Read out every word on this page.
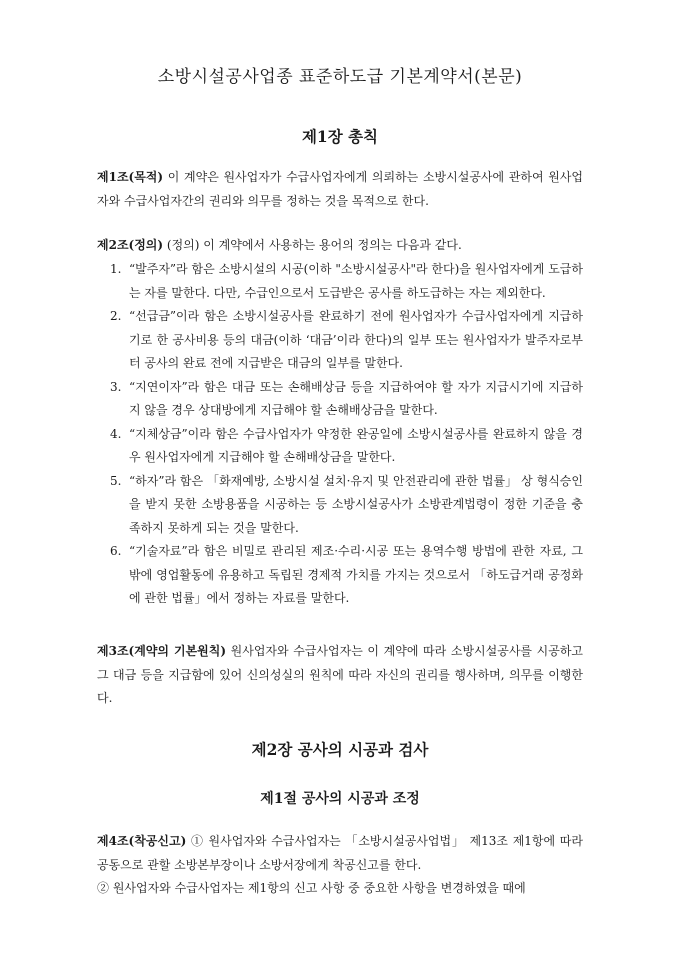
소방시설공사업종 표준하도급 기본계약서(본문)
제1장 총칙
제1조(목적) 이 계약은 원사업자가 수급사업자에게 의뢰하는 소방시설공사에 관하여 원사업자와 수급사업자간의 권리와 의무를 정하는 것을 목적으로 한다.
제2조(정의) (정의) 이 계약에서 사용하는 용어의 정의는 다음과 같다.
1. “발주자”라 함은 소방시설의 시공(이하 "소방시설공사"라 한다)을 원사업자에게 도급하는 자를 말한다. 다만, 수급인으로서 도급받은 공사를 하도급하는 자는 제외한다.
2. “선급금”이라 함은 소방시설공사를 완료하기 전에 원사업자가 수급사업자에게 지급하기로 한 공사비용 등의 대금(이하 ‘대금’이라 한다)의 일부 또는 원사업자가 발주자로부터 공사의 완료 전에 지급받은 대금의 일부를 말한다.
3. “지연이자”라 함은 대금 또는 손해배상금 등을 지급하여야 할 자가 지급시기에 지급하지 않을 경우 상대방에게 지급해야 할 손해배상금을 말한다.
4. “지체상금”이라 함은 수급사업자가 약정한 완공일에 소방시설공사를 완료하지 않을 경우 원사업자에게 지급해야 할 손해배상금을 말한다.
5. “하자”라 함은 「화재예방, 소방시설 설치·유지 및 안전관리에 관한 법률」 상 형식승인을 받지 못한 소방용품을 시공하는 등 소방시설공사가 소방관계법령이 정한 기준을 충족하지 못하게 되는 것을 말한다.
6. “기술자료”라 함은 비밀로 관리된 제조·수리·시공 또는 용역수행 방법에 관한 자료, 그 밖에 영업활동에 유용하고 독립된 경제적 가치를 가지는 것으로서 「하도급거래 공정화에 관한 법률」에서 정하는 자료를 말한다.
제3조(계약의 기본원칙) 원사업자와 수급사업자는 이 계약에 따라 소방시설공사를 시공하고 그 대금 등을 지급함에 있어 신의성실의 원칙에 따라 자신의 권리를 행사하며, 의무를 이행한다.
제2장 공사의 시공과 검사
제1절 공사의 시공과 조정
제4조(착공신고) ① 원사업자와 수급사업자는 「소방시설공사업법」 제13조 제1항에 따라 공동으로 관할 소방본부장이나 소방서장에게 착공신고를 한다.
② 원사업자와 수급사업자는 제1항의 신고 사항 중 중요한 사항을 변경하였을 때에
